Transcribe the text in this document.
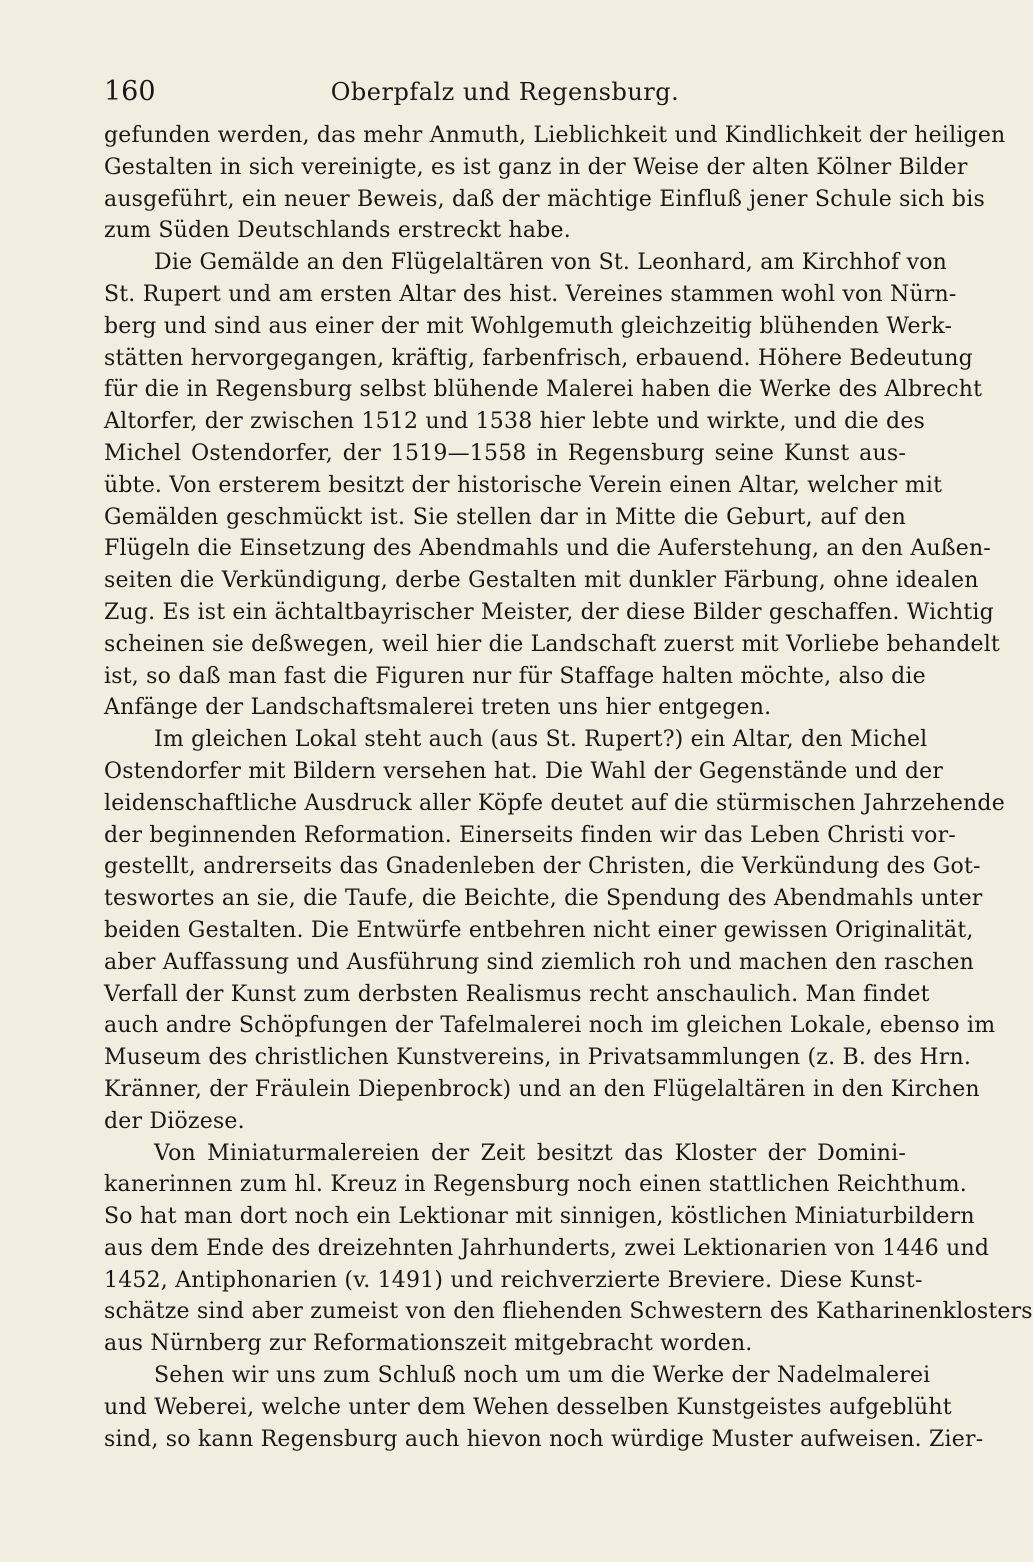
160	Oberpfalz und Regensburg.
gefunden werden, das mehr Anmuth, Lieblichkeit und Kindlichkeit der heiligen
Gestalten in sich vereinigte, es ist ganz in der Weise der alten Kölner Bilder
ausgeführt, ein neuer Beweis, daß der mächtige Einfluß jener Schule sich bis
zum Süden Deutschlands erstreckt habe.
Die Gemälde an den Flügelaltären von St. Leonhard, am Kirchhof von
St. Rupert und am ersten Altar des hist. Vereines stammen wohl von Nürn-
berg und sind aus einer der mit Wohlgemuth gleichzeitig blühenden Werk-
stätten hervorgegangen, kräftig, farbenfrisch, erbauend. Höhere Bedeutung
für die in Regensburg selbst blühende Malerei haben die Werke des Albrecht
Altorfer, der zwischen 1512 und 1538 hier lebte und wirkte, und die des
Michel Ostendorfer, der 1519—1558 in Regensburg seine Kunst aus-
übte. Von ersterem besitzt der historische Verein einen Altar, welcher mit
Gemälden geschmückt ist. Sie stellen dar in Mitte die Geburt, auf den
Flügeln die Einsetzung des Abendmahls und die Auferstehung, an den Außen-
seiten die Verkündigung, derbe Gestalten mit dunkler Färbung, ohne idealen
Zug. Es ist ein ächtaltbayrischer Meister, der diese Bilder geschaffen. Wichtig
scheinen sie deßwegen, weil hier die Landschaft zuerst mit Vorliebe behandelt
ist, so daß man fast die Figuren nur für Staffage halten möchte, also die
Anfänge der Landschaftsmalerei treten uns hier entgegen.
Im gleichen Lokal steht auch (aus St. Rupert?) ein Altar, den Michel
Ostendorfer mit Bildern versehen hat. Die Wahl der Gegenstände und der
leidenschaftliche Ausdruck aller Köpfe deutet auf die stürmischen Jahrzehende
der beginnenden Reformation. Einerseits finden wir das Leben Christi vor-
gestellt, andrerseits das Gnadenleben der Christen, die Verkündung des Got-
teswortes an sie, die Taufe, die Beichte, die Spendung des Abendmahls unter
beiden Gestalten. Die Entwürfe entbehren nicht einer gewissen Originalität,
aber Auffassung und Ausführung sind ziemlich roh und machen den raschen
Verfall der Kunst zum derbsten Realismus recht anschaulich. Man findet
auch andre Schöpfungen der Tafelmalerei noch im gleichen Lokale, ebenso im
Museum des christlichen Kunstvereins, in Privatsammlungen (z. B. des Hrn.
Kränner, der Fräulein Diepenbrock) und an den Flügelaltären in den Kirchen
der Diözese.
Von Miniaturmalereien der Zeit besitzt das Kloster der Domini-
kanerinnen zum hl. Kreuz in Regensburg noch einen stattlichen Reichthum.
So hat man dort noch ein Lektionar mit sinnigen, köstlichen Miniaturbildern
aus dem Ende des dreizehnten Jahrhunderts, zwei Lektionarien von 1446 und
1452, Antiphonarien (v. 1491) und reichverzierte Breviere. Diese Kunst-
schätze sind aber zumeist von den fliehenden Schwestern des Katharinenklosters
aus Nürnberg zur Reformationszeit mitgebracht worden.
Sehen wir uns zum Schluß noch um um die Werke der Nadelmalerei
und Weberei, welche unter dem Wehen desselben Kunstgeistes aufgeblüht
sind, so kann Regensburg auch hievon noch würdige Muster aufweisen. Zier-
